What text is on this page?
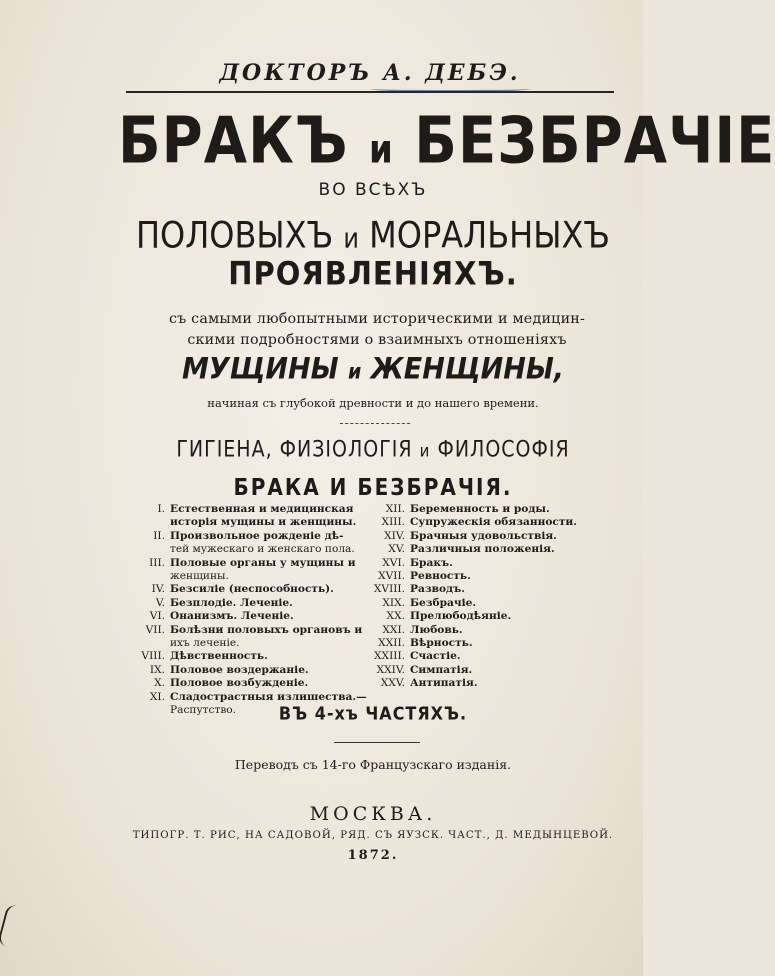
ДОКТОРЪ А. ДЕБЭ.
БРАКЪ и БЕЗБРАЧІЕ
ВО ВСѢХЪ
ПОЛОВЫХЪ и МОРАЛЬНЫХЪ
ПРОЯВЛЕНІЯХЪ.
съ самыми любопытными историческими и медицин-
скими подробностями о взаимныхъ отношеніяхъ
МУЩИНЫ и ЖЕНЩИНЫ,
начиная съ глубокой древности и до нашего времени.
ГИГІЕНА, ФИЗІОЛОГІЯ и ФИЛОСОФІЯ
БРАКА И БЕЗБРАЧІЯ.
I. Естественная и медицинская
исторія мущины и женщины.
II. Произвольное рожденіе дѣ-
тей мужескаго и женскаго пола.
III. Половые органы у мущины и
женщины.
IV. Безсиліе (неспособность).
V. Безплодіе. Леченіе.
VI. Онанизмъ. Леченіе.
VII. Болѣзни половыхъ органовъ и
ихъ леченіе.
VIII. Дѣвственность.
IX. Половое воздержаніе.
X. Половое возбужденіе.
XI. Сладострастныя излишества.—
Распутство.
XII. Беременность и роды.
XIII. Супружескія обязанности.
XIV. Брачныя удовольствія.
XV. Различныя положенія.
XVI. Бракъ.
XVII. Ревность.
XVIII. Разводъ.
XIX. Безбрачіе.
XX. Прелюбодѣяніе.
XXI. Любовь.
XXII. Вѣрность.
XXIII. Счастіе.
XXIV. Симпатія.
XXV. Антипатія.
ВЪ 4-хъ ЧАСТЯХЪ.
Переводъ съ 14-го Французскаго изданія.
МОСКВА.
ТИПОГР. Т. РИС, НА САДОВОЙ, РЯД. СЪ ЯУЗСК. ЧАСТ., Д. МЕДЫНЦЕВОЙ.
1872.
